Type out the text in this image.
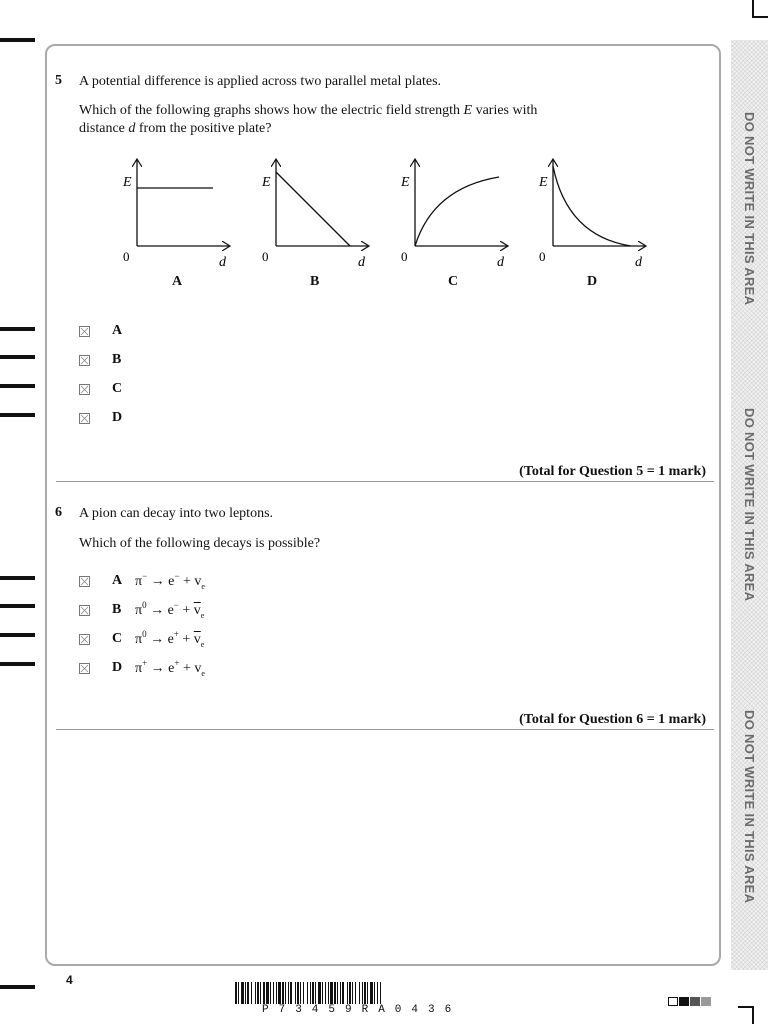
DO NOT WRITE IN THIS AREA
DO NOT WRITE IN THIS AREA
DO NOT WRITE IN THIS AREA
5 A potential difference is applied across two parallel metal plates.
Which of the following graphs shows how the electric field strength E varies with
distance d from the positive plate?
E
d
0
E
d
0
E
d
0
E
d
0
A	B	C	D
A
B
C
D
(Total for Question 5 = 1 mark)
6 A pion can decay into two leptons.
Which of the following decays is possible?
A $\pi^- \to e^- + v_e$
B $\pi^0 \to e^- + \overline{v}_e$
C $\pi^0 \to e^+ + \overline{v}_e$
D $\pi^+ \to e^+ + v_e$
(Total for Question 6 = 1 mark)
4
P73459RA0436
